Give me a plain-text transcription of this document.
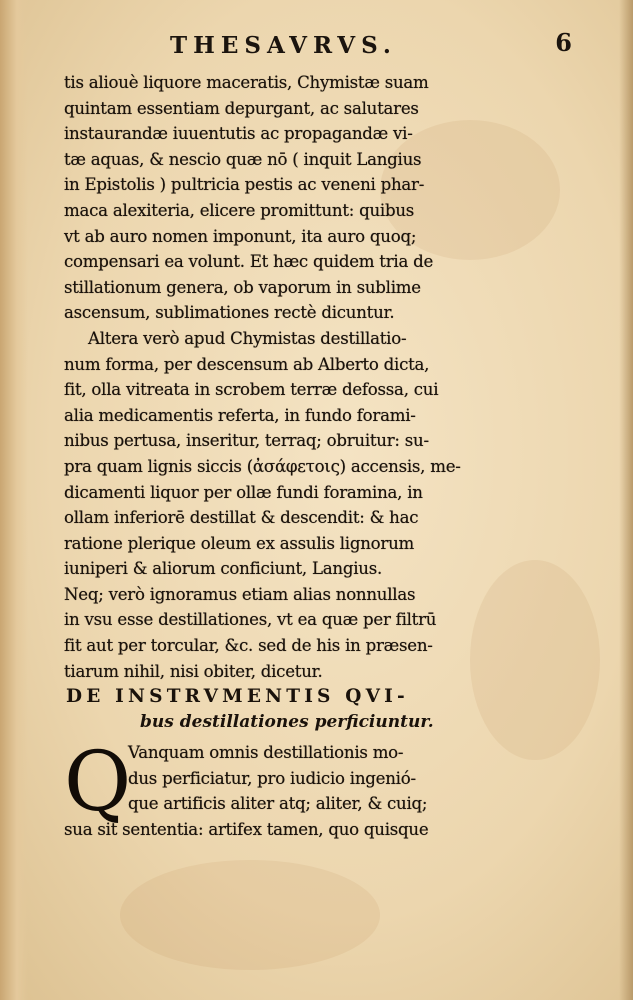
THESAVRVS.	6
tis aliouè liquore maceratis, Chymistæ suam
quintam essentiam depurgant, ac salutares
instaurandæ iuuentutis ac propagandæ vi-
tæ aquas, & nescio quæ nō ( inquit Langius
in Epistolis ) pultricia pestis ac veneni phar-
maca alexiteria, elicere promittunt: quibus
vt ab auro nomen imponunt, ita auro quoq;
compensari ea volunt. Et hæc quidem tria de
stillationum genera, ob vaporum in sublime
ascensum, sublimationes rectè dicuntur.
Altera verò apud Chymistas destillatio-
num forma, per descensum ab Alberto dicta,
fit, olla vitreata in scrobem terræ defossa, cui
alia medicamentis referta, in fundo forami-
nibus pertusa, inseritur, terraq; obruitur: su-
pra quam lignis siccis (ἀσάφετοις) accensis, me-
dicamenti liquor per ollæ fundi foramina, in
ollam inferiorē destillat & descendit: & hac
ratione plerique oleum ex assulis lignorum
iuniperi & aliorum conficiunt, Langius.
Neq; verò ignoramus etiam alias nonnullas
in vsu esse destillationes, vt ea quæ per filtrū
fit aut per torcular, &c. sed de his in præsen-
tiarum nihil, nisi obiter, dicetur.
DE INSTRVMENTIS QVI-
bus destillationes perficiuntur.
Q
Vanquam omnis destillationis mo-
dus perficiatur, pro iudicio ingenió-
que artificis aliter atq; aliter, & cuiq;
sua sit sententia: artifex tamen, quo quisque
